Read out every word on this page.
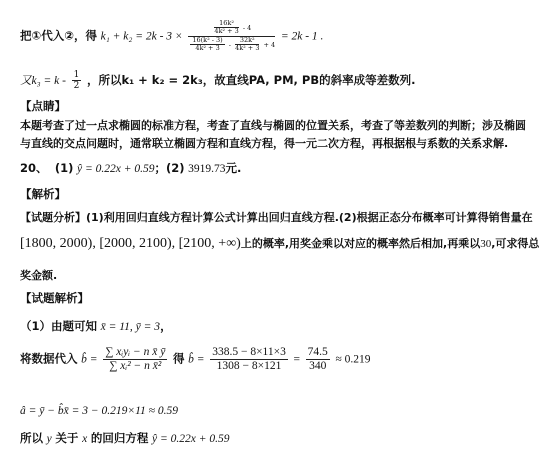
把①代入②，得 $k_1 + k_2 = 2k - 3 \times \frac{\frac{\text{16k²}}{\text{4k² + 3}} - 4}{\frac{\text{16(k² - 3)}}{\text{4k² + 3}} - \frac{\text{32k²}}{\text{4k² + 3}} + 4} = 2k - 1$ .
又$k_3 = k - \frac{1}{2}$ ，所以k₁ + k₂ = 2k₃，故直线PA, PM, PB的斜率成等差数列.
【点睛】
本题考查了过一点求椭圆的标准方程，考查了直线与椭圆的位置关系，考查了等差数列的判断；涉及椭圆
与直线的交点问题时，通常联立椭圆方程和直线方程，得一元二次方程，再根据根与系数的关系求解.
20、 (1) ŷ = 0.22x + 0.59；(2) 3919.73元.
【解析】
【试题分析】(1)利用回归直线方程计算公式计算出回归直线方程.(2)根据正态分布概率可计算得销售量在
[1800, 2000), [2000, 2100), [2100, +∞)上的概率,用奖金乘以对应的概率然后相加,再乘以30,可求得总
奖金额.
【试题解析】
（1）由题可知 x̄ = 11, ȳ = 3，
将数据代入 b̂ = $\frac{\text{∑ xᵢyᵢ − n x̄ ȳ}}{\text{∑ xᵢ² − n x̄²}}$ 得 b̂ = $\frac{338.5 - 8\times 11\times 3}{1308 - 8\times 121} = \frac{74.5}{340} \approx 0.219$
â = ȳ − b̂x̄ = 3 − 0.219×11 ≈ 0.59
所以 y 关于 x 的回归方程 ŷ = 0.22x + 0.59
